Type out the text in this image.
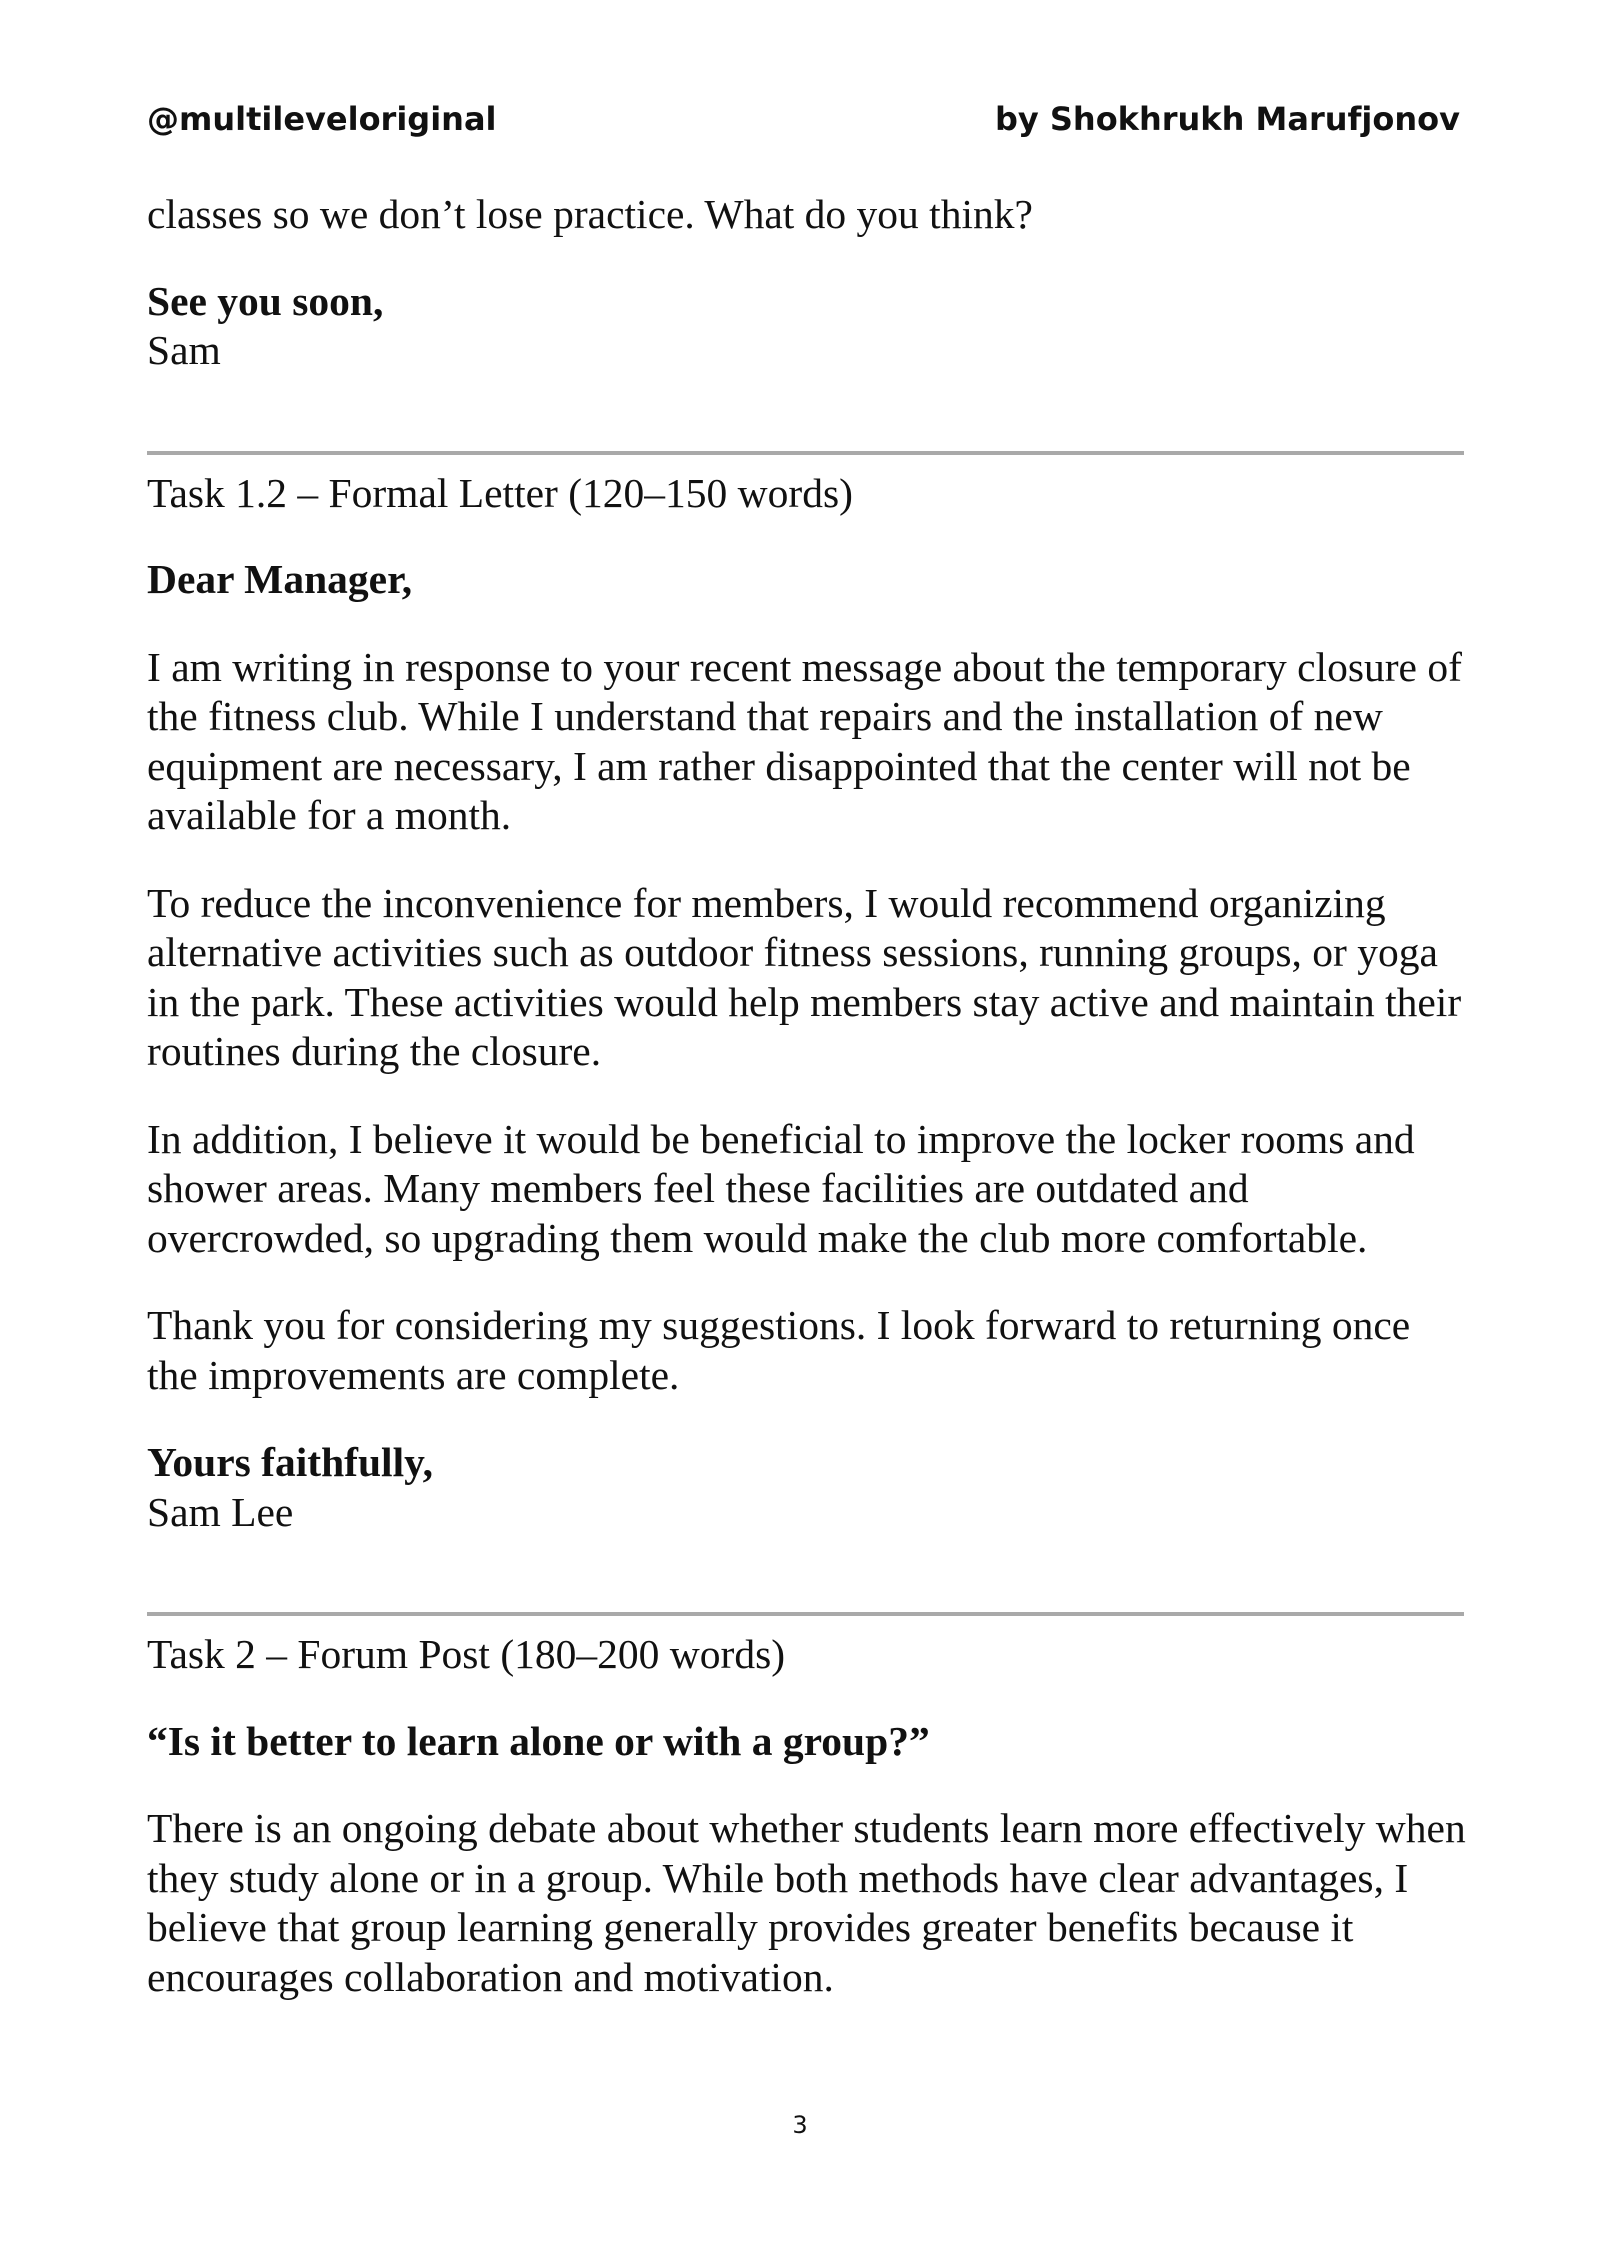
@multileveloriginal	by Shokhrukh Marufjonov

classes so we don’t lose practice. What do you think?

See you soon,

Sam

Task 1.2 – Formal Letter (120–150 words)

Dear Manager,

I am writing in response to your recent message about the temporary closure of the fitness club. While I understand that repairs and the installation of new equipment are necessary, I am rather disappointed that the center will not be available for a month.

To reduce the inconvenience for members, I would recommend organizing alternative activities such as outdoor fitness sessions, running groups, or yoga in the park. These activities would help members stay active and maintain their routines during the closure.

In addition, I believe it would be beneficial to improve the locker rooms and shower areas. Many members feel these facilities are outdated and overcrowded, so upgrading them would make the club more comfortable.

Thank you for considering my suggestions. I look forward to returning once the improvements are complete.

Yours faithfully,

Sam Lee

Task 2 – Forum Post (180–200 words)

“Is it better to learn alone or with a group?”

There is an ongoing debate about whether students learn more effectively when they study alone or in a group. While both methods have clear advantages, I believe that group learning generally provides greater benefits because it encourages collaboration and motivation.

3
